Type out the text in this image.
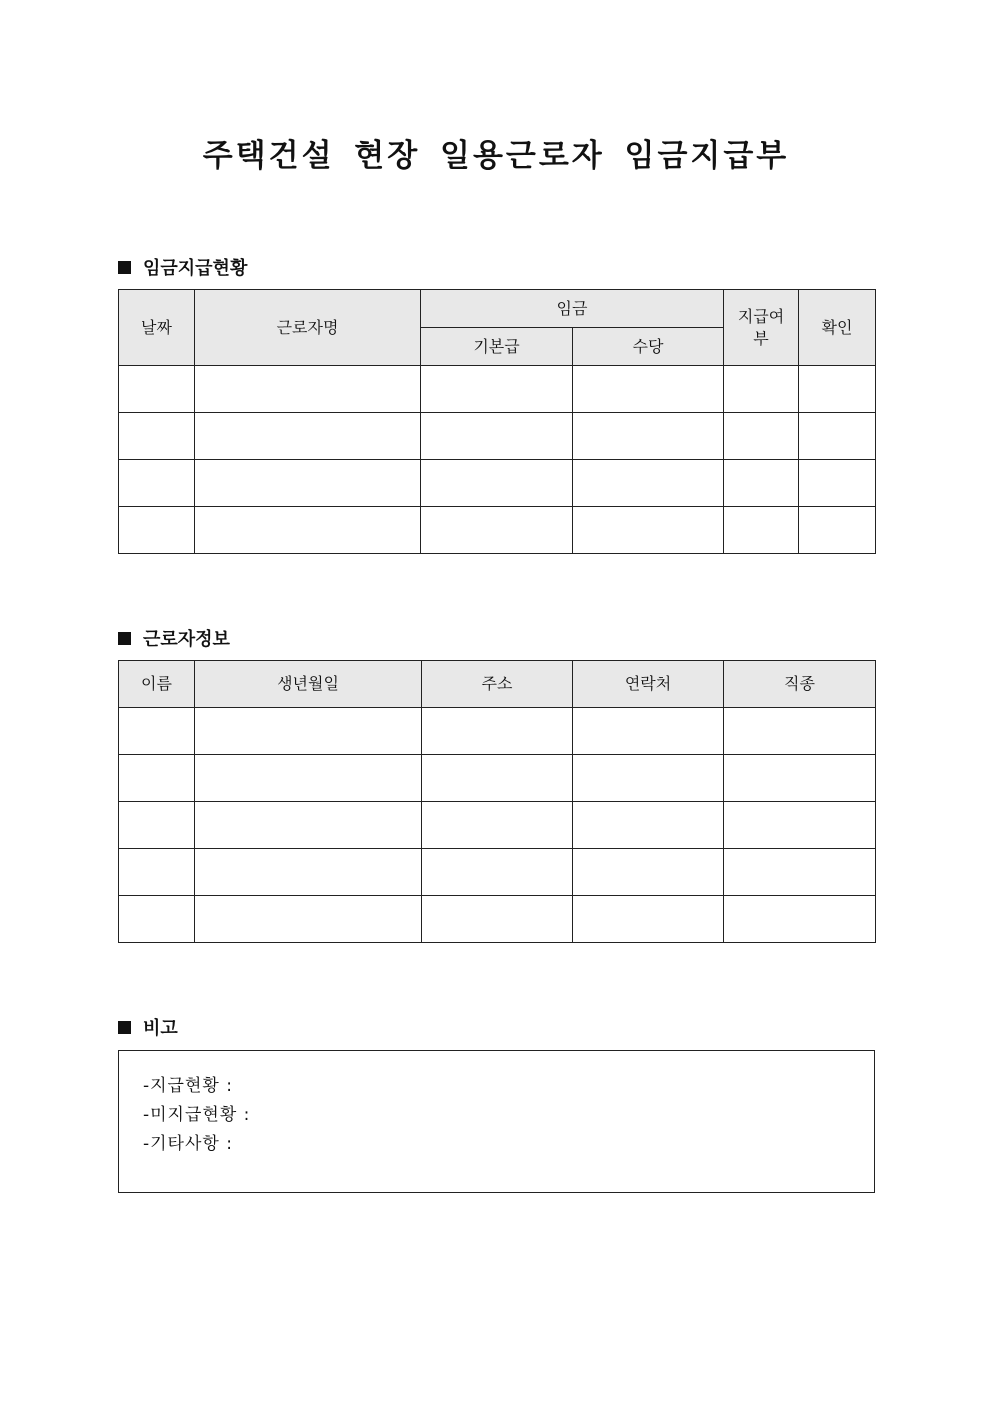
주택건설 현장 일용근로자 임금지급부
임금지급현황
날짜	근로자명	임금		지급여부	확인
		기본급	수당		

근로자정보
이름	생년월일	주소	연락처	직종

비고
-지급현황 :
-미지급현황 :
-기타사항 :
